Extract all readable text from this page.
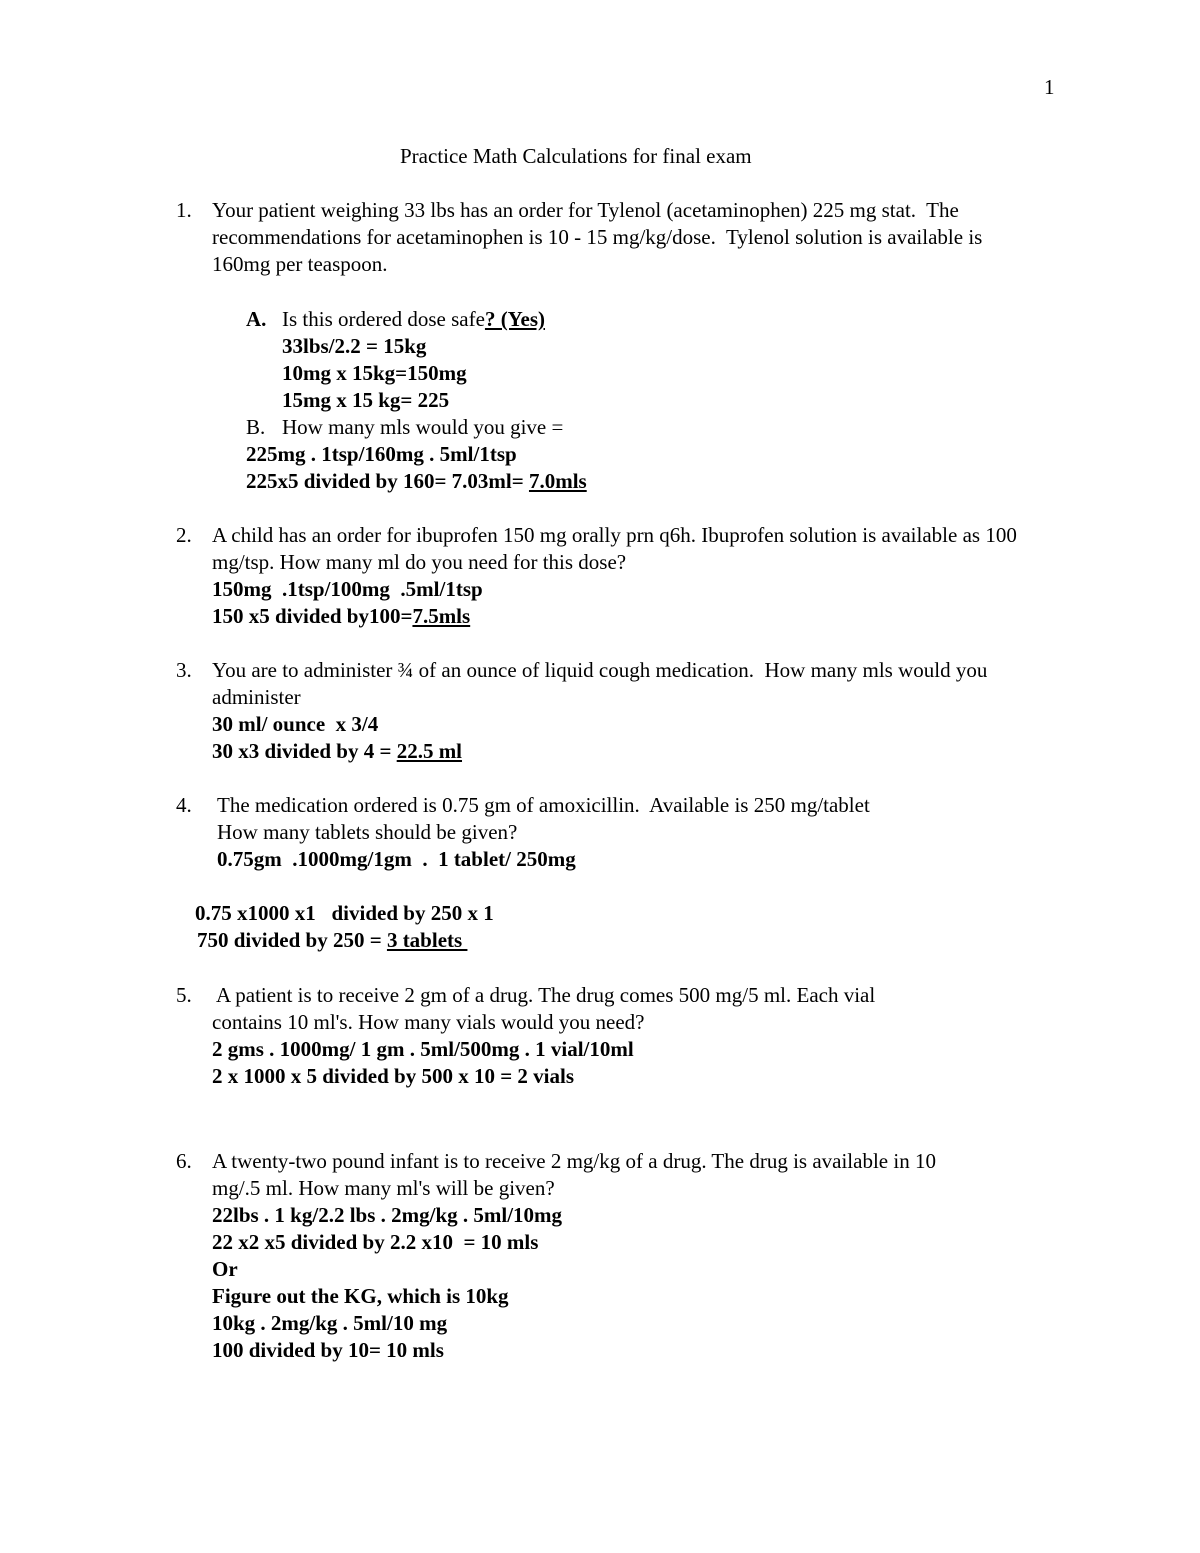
1
Practice Math Calculations for final exam
1. Your patient weighing 33 lbs has an order for Tylenol (acetaminophen) 225 mg stat.  The
recommendations for acetaminophen is 10 - 15 mg/kg/dose.  Tylenol solution is available is
160mg per teaspoon.
A. Is this ordered dose safe? (Yes)
33lbs/2.2 = 15kg
10mg x 15kg=150mg
15mg x 15 kg= 225
B. How many mls would you give =
225mg . 1tsp/160mg . 5ml/1tsp
225x5 divided by 160= 7.03ml= 7.0mls
2. A child has an order for ibuprofen 150 mg orally prn q6h. Ibuprofen solution is available as 100
mg/tsp. How many ml do you need for this dose?
150mg  .1tsp/100mg  .5ml/1tsp
150 x5 divided by100=7.5mls
3. You are to administer ¾ of an ounce of liquid cough medication.  How many mls would you
administer
30 ml/ ounce  x 3/4
30 x3 divided by 4 = 22.5 ml
4. The medication ordered is 0.75 gm of amoxicillin.  Available is 250 mg/tablet
How many tablets should be given?
0.75gm  .1000mg/1gm  .  1 tablet/ 250mg
0.75 x1000 x1   divided by 250 x 1
750 divided by 250 = 3 tablets
5. A patient is to receive 2 gm of a drug. The drug comes 500 mg/5 ml. Each vial
contains 10 ml's. How many vials would you need?
2 gms . 1000mg/ 1 gm . 5ml/500mg . 1 vial/10ml
2 x 1000 x 5 divided by 500 x 10 = 2 vials
6. A twenty-two pound infant is to receive 2 mg/kg of a drug. The drug is available in 10
mg/.5 ml. How many ml's will be given?
22lbs . 1 kg/2.2 lbs . 2mg/kg . 5ml/10mg
22 x2 x5 divided by 2.2 x10  = 10 mls
Or
Figure out the KG, which is 10kg
10kg . 2mg/kg . 5ml/10 mg
100 divided by 10= 10 mls
